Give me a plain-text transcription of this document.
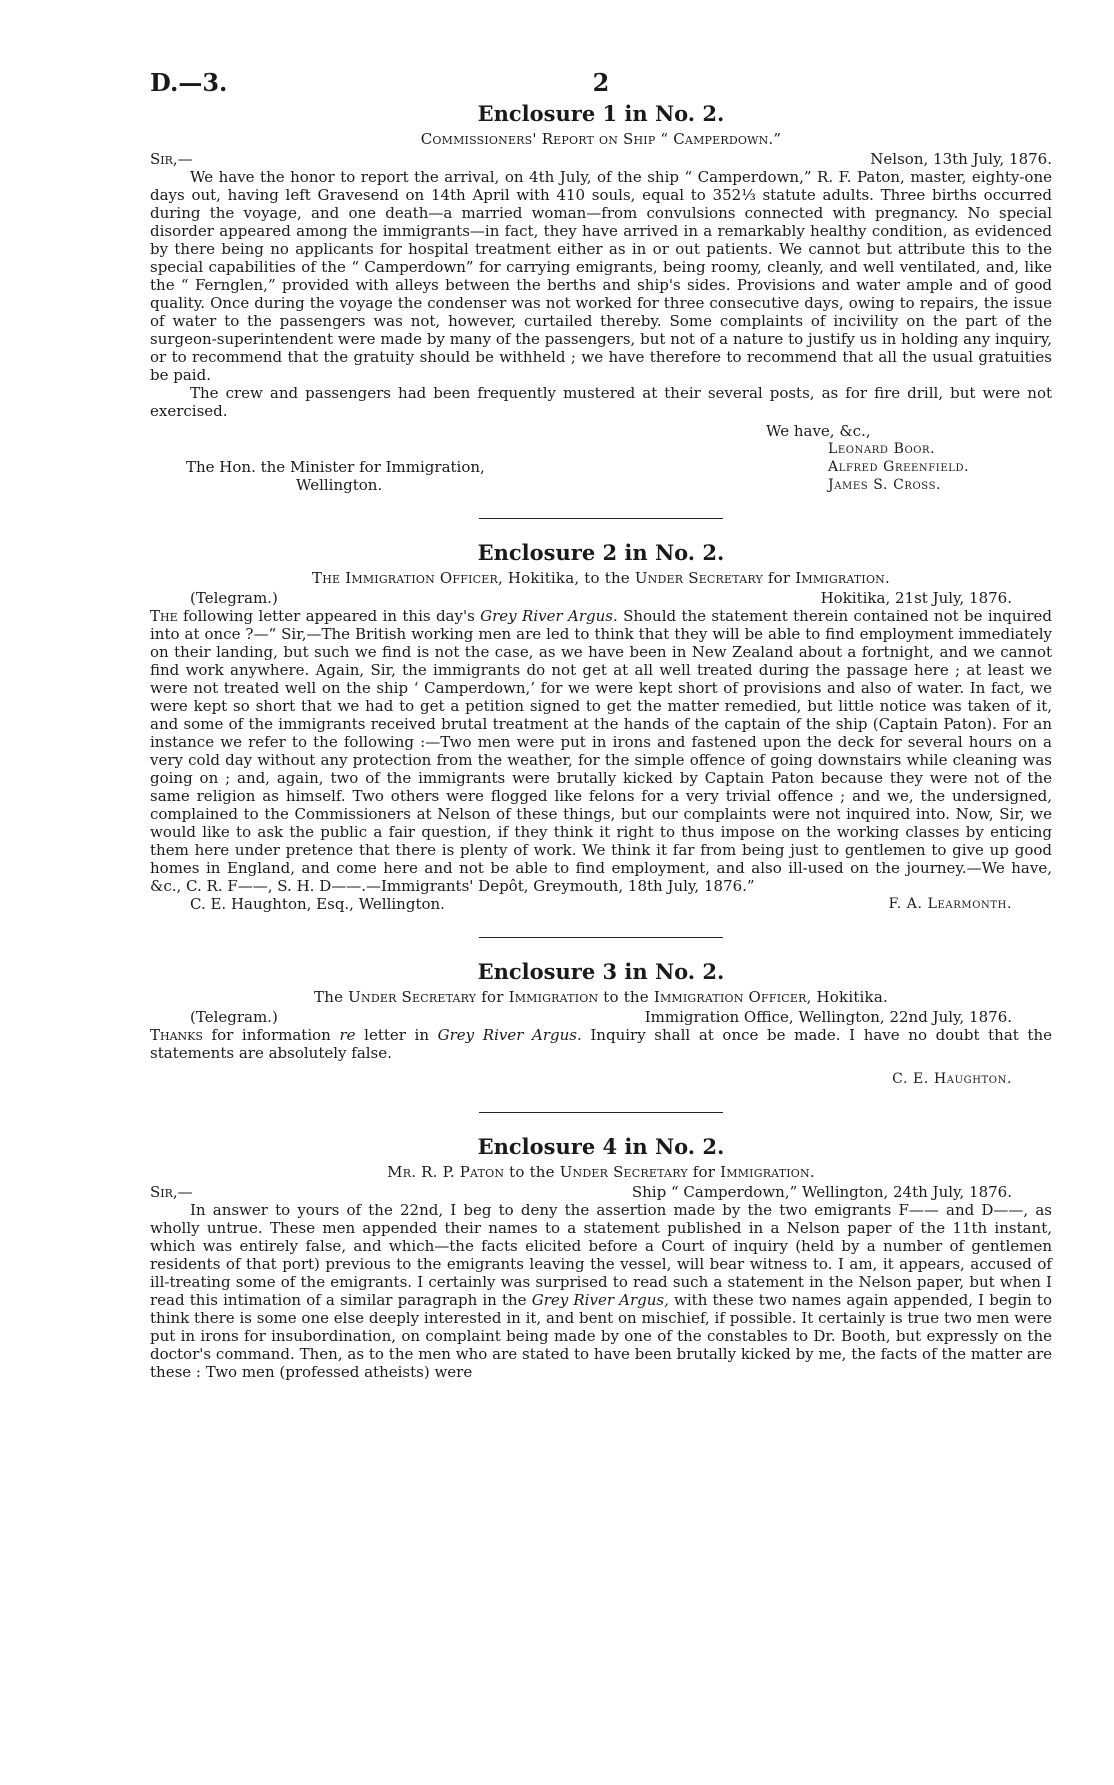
D.—3.	2
Enclosure 1 in No. 2.

Commissioners' Report on Ship “ Camperdown.”

Sir,—	Nelson, 13th July, 1876.

We have the honor to report the arrival, on 4th July, of the ship “ Camperdown,” R. F. Paton, master, eighty-one days out, having left Gravesend on 14th April with 410 souls, equal to 352⅓ statute adults. Three births occurred during the voyage, and one death—a married woman—from convulsions connected with pregnancy. No special disorder appeared among the immigrants—in fact, they have arrived in a remarkably healthy condition, as evidenced by there being no applicants for hospital treatment either as in or out patients. We cannot but attribute this to the special capabilities of the “ Camperdown” for carrying emigrants, being roomy, cleanly, and well ventilated, and, like the “ Fernglen,” provided with alleys between the berths and ship's sides. Provisions and water ample and of good quality. Once during the voyage the condenser was not worked for three consecutive days, owing to repairs, the issue of water to the passengers was not, however, curtailed thereby. Some complaints of incivility on the part of the surgeon-superintendent were made by many of the passengers, but not of a nature to justify us in holding any inquiry, or to recommend that the gratuity should be withheld ; we have therefore to recommend that all the usual gratuities be paid.

The crew and passengers had been frequently mustered at their several posts, as for fire drill, but were not exercised.

The Hon. the Minister for Immigration,
Wellington.
We have, &c.,
Leonard Boor.
Alfred Greenfield.
James S. Cross.
Enclosure 2 in No. 2.

The Immigration Officer, Hokitika, to the Under Secretary for Immigration.

(Telegram.)	Hokitika, 21st July, 1876.

The following letter appeared in this day's Grey River Argus. Should the statement therein contained not be inquired into at once ?—“ Sir,—The British working men are led to think that they will be able to find employment immediately on their landing, but such we find is not the case, as we have been in New Zealand about a fortnight, and we cannot find work anywhere. Again, Sir, the immigrants do not get at all well treated during the passage here ; at least we were not treated well on the ship ‘ Camperdown,’ for we were kept short of provisions and also of water. In fact, we were kept so short that we had to get a petition signed to get the matter remedied, but little notice was taken of it, and some of the immigrants received brutal treatment at the hands of the captain of the ship (Captain Paton). For an instance we refer to the following :—Two men were put in irons and fastened upon the deck for several hours on a very cold day without any protection from the weather, for the simple offence of going downstairs while cleaning was going on ; and, again, two of the immigrants were brutally kicked by Captain Paton because they were not of the same religion as himself. Two others were flogged like felons for a very trivial offence ; and we, the undersigned, complained to the Commissioners at Nelson of these things, but our complaints were not inquired into. Now, Sir, we would like to ask the public a fair question, if they think it right to thus impose on the working classes by enticing them here under pretence that there is plenty of work. We think it far from being just to gentlemen to give up good homes in England, and come here and not be able to find employment, and also ill-used on the journey.—We have, &c., C. R. F——, S. H. D——.—Immigrants' Depôt, Greymouth, 18th July, 1876.”

C. E. Haughton, Esq., Wellington.	F. A. Learmonth.
Enclosure 3 in No. 2.

The Under Secretary for Immigration to the Immigration Officer, Hokitika.

(Telegram.)	Immigration Office, Wellington, 22nd July, 1876.

Thanks for information re letter in Grey River Argus. Inquiry shall at once be made. I have no doubt that the statements are absolutely false.

C. E. Haughton.
Enclosure 4 in No. 2.

Mr. R. P. Paton to the Under Secretary for Immigration.

Sir,—	Ship “ Camperdown,” Wellington, 24th July, 1876.

In answer to yours of the 22nd, I beg to deny the assertion made by the two emigrants F—— and D——, as wholly untrue. These men appended their names to a statement published in a Nelson paper of the 11th instant, which was entirely false, and which—the facts elicited before a Court of inquiry (held by a number of gentlemen residents of that port) previous to the emigrants leaving the vessel, will bear witness to. I am, it appears, accused of ill-treating some of the emigrants. I certainly was surprised to read such a statement in the Nelson paper, but when I read this intimation of a similar paragraph in the Grey River Argus, with these two names again appended, I begin to think there is some one else deeply interested in it, and bent on mischief, if possible. It certainly is true two men were put in irons for insubordination, on complaint being made by one of the constables to Dr. Booth, but expressly on the doctor's command. Then, as to the men who are stated to have been brutally kicked by me, the facts of the matter are these : Two men (professed atheists) were
